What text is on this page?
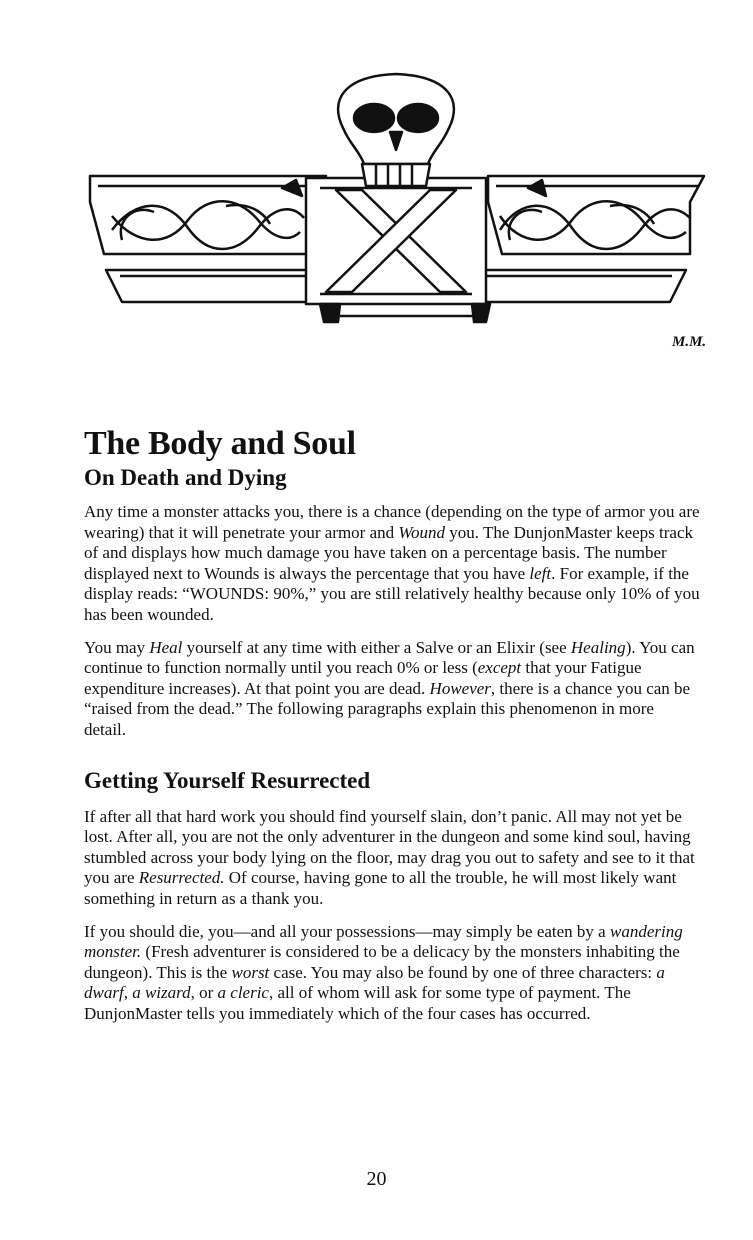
M.M.
The Body and Soul
On Death and Dying

Any time a monster attacks you, there is a chance (depending on the type of armor you are wearing) that it will penetrate your armor and Wound you. The DunjonMaster keeps track of and displays how much damage you have taken on a percentage basis. The number displayed next to Wounds is always the percentage that you have left. For example, if the display reads: “WOUNDS: 90%,” you are still relatively healthy because only 10% of you has been wounded.

You may Heal yourself at any time with either a Salve or an Elixir (see Healing). You can continue to function normally until you reach 0% or less (except that your Fatigue expenditure increases). At that point you are dead. However, there is a chance you can be “raised from the dead.” The following paragraphs explain this phenomenon in more detail.

Getting Yourself Resurrected

If after all that hard work you should find yourself slain, don’t panic. All may not yet be lost. After all, you are not the only adventurer in the dungeon and some kind soul, having stumbled across your body lying on the floor, may drag you out to safety and see to it that you are Resurrected. Of course, having gone to all the trouble, he will most likely want something in return as a thank you.

If you should die, you—and all your possessions—may simply be eaten by a wandering monster. (Fresh adventurer is considered to be a delicacy by the monsters inhabiting the dungeon). This is the worst case. You may also be found by one of three characters: a dwarf, a wizard, or a cleric, all of whom will ask for some type of payment. The DunjonMaster tells you immediately which of the four cases has occurred.

20
